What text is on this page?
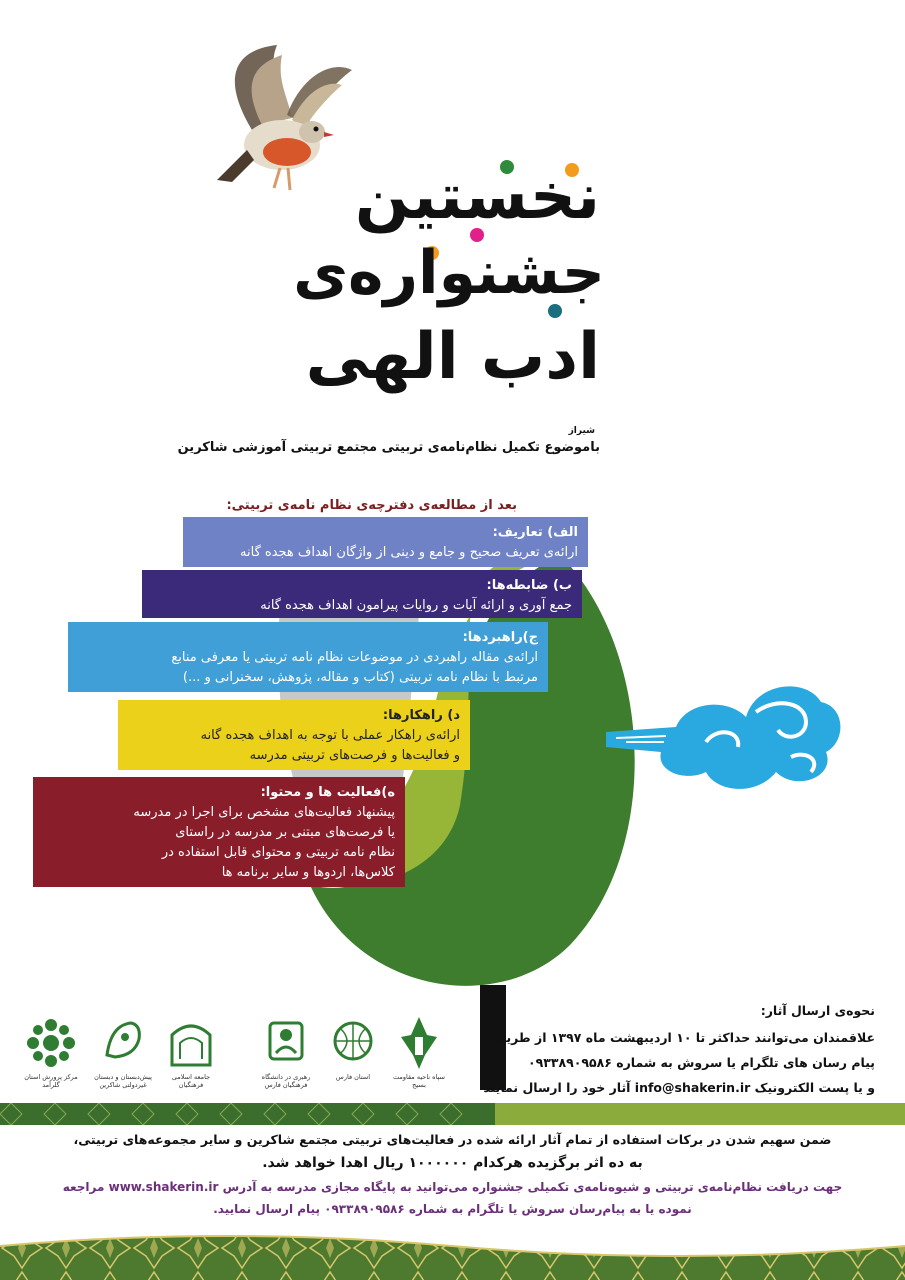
نخستین
جشنواره‌ی
ادب الهی
شیراز
باموضوع تکمیل نظام‌نامه‌ی تربیتی مجتمع تربیتی آموزشی شاکرین
بعد از مطالعه‌ی دفترچه‌ی نظام نامه‌ی تربیتی:
الف) تعاریف:
ارائه‌ی تعریف صحیح و جامع و دینی از واژگان اهداف هجده گانه
ب) ضابطه‌ها:
جمع آوری و ارائه آیات و روایات پیرامون اهداف هجده گانه
ج)راهبردها:
ارائه‌ی مقاله راهبردی در موضوعات نظام نامه تربیتی یا معرفی منابع
مرتبط با نظام نامه تربیتی (کتاب و مقاله، پژوهش، سخنرانی و ...)
د) راهکارها:
ارائه‌ی راهکار عملی با توجه به اهداف هجده گانه
و فعالیت‌ها و فرصت‌های تربیتی مدرسه
ه)فعالیت ها و محتوا:
پیشنهاد فعالیت‌های مشخص برای اجرا در مدرسه
یا فرصت‌های مبتنی بر مدرسه در راستای
نظام نامه تربیتی و محتوای قابل استفاده در
کلاس‌ها، اردوها و سایر برنامه ها
نحوه‌ی ارسال آثار:
علاقمندان می‌توانند حداکثر تا ۱۰ اردیبهشت ماه ۱۳۹۷ از طریق
پیام رسان های تلگرام یا سروش به شماره ۰۹۳۳۸۹۰۹۵۸۶
و یا پست الکترونیک info@shakerin.ir آثار خود را ارسال نمایند
سپاه ناحیه مقاومت بسیج
استان فارس
رهبری در دانشگاه فرهنگیان فارس
جامعه اسلامی فرهنگیان
پیش‌دبستان و دبستان غیردولتی شاکرین
مرکز پرورش استان گلرآمد
ضمن سهیم شدن در برکات استفاده از تمام آثار ارائه شده در فعالیت‌های تربیتی مجتمع شاکرین و سایر مجموعه‌های تربیتی،
به ده اثر برگزیده هرکدام ۱۰۰۰۰۰۰ ریال اهدا خواهد شد.
جهت دریافت نظام‌نامه‌ی تربیتی و شیوه‌نامه‌ی تکمیلی جشنواره می‌توانید به پایگاه مجازی مدرسه به آدرس www.shakerin.ir مراجعه
نموده یا به پیام‌رسان سروش یا تلگرام به شماره ۰۹۳۳۸۹۰۹۵۸۶ پیام ارسال نمایید.
